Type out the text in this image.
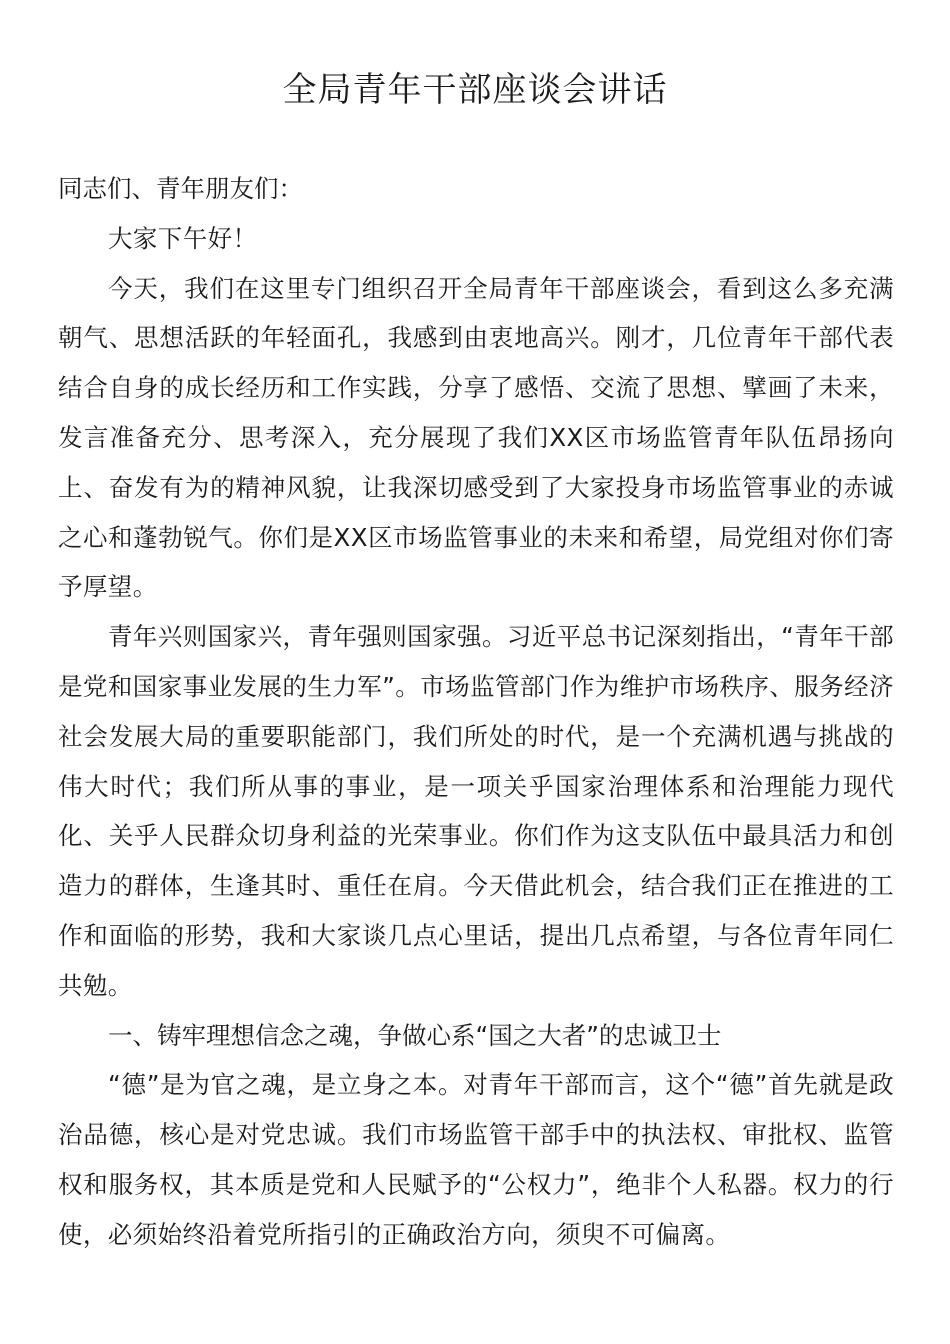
全局青年干部座谈会讲话

同志们、青年朋友们：

大家下午好！

今天，我们在这里专门组织召开全局青年干部座谈会，看到这么多充满朝气、思想活跃的年轻面孔，我感到由衷地高兴。刚才，几位青年干部代表结合自身的成长经历和工作实践，分享了感悟、交流了思想、擘画了未来，发言准备充分、思考深入，充分展现了我们XX区市场监管青年队伍昂扬向上、奋发有为的精神风貌，让我深切感受到了大家投身市场监管事业的赤诚之心和蓬勃锐气。你们是XX区市场监管事业的未来和希望，局党组对你们寄予厚望。

青年兴则国家兴，青年强则国家强。习近平总书记深刻指出，“青年干部是党和国家事业发展的生力军”。市场监管部门作为维护市场秩序、服务经济社会发展大局的重要职能部门，我们所处的时代，是一个充满机遇与挑战的伟大时代；我们所从事的事业，是一项关乎国家治理体系和治理能力现代化、关乎人民群众切身利益的光荣事业。你们作为这支队伍中最具活力和创造力的群体，生逢其时、重任在肩。今天借此机会，结合我们正在推进的工作和面临的形势，我和大家谈几点心里话，提出几点希望，与各位青年同仁共勉。

一、铸牢理想信念之魂，争做心系“国之大者”的忠诚卫士

“德”是为官之魂，是立身之本。对青年干部而言，这个“德”首先就是政治品德，核心是对党忠诚。我们市场监管干部手中的执法权、审批权、监管权和服务权，其本质是党和人民赋予的“公权力”，绝非个人私器。权力的行使，必须始终沿着党所指引的正确政治方向，须臾不可偏离。
